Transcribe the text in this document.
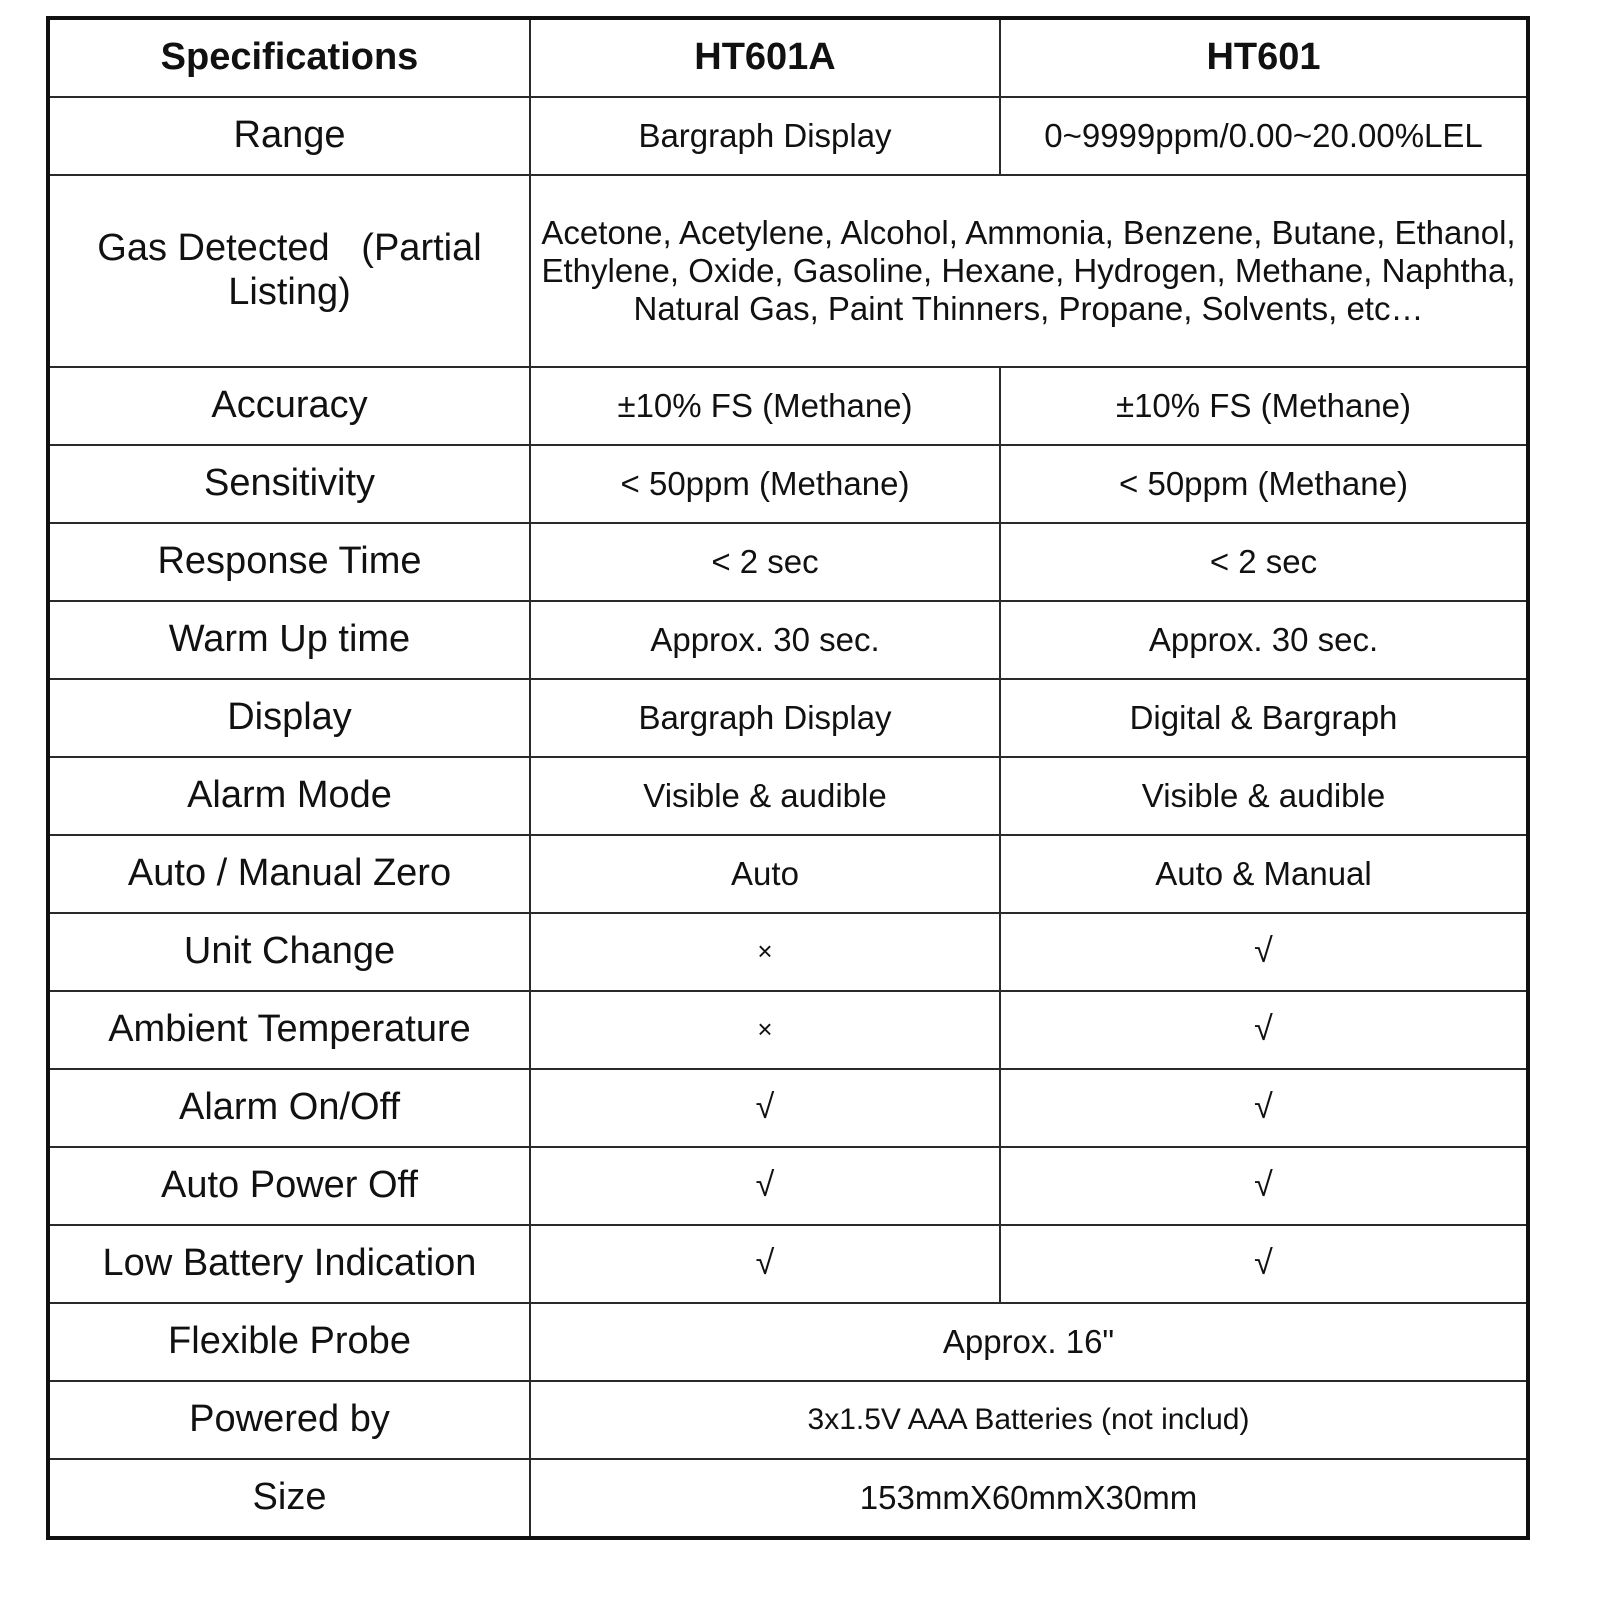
Specifications	HT601A	HT601
Range	Bargraph Display	0~9999ppm/0.00~20.00%LEL
Gas Detected   (Partial Listing)	Acetone, Acetylene, Alcohol, Ammonia, Benzene, Butane, Ethanol, Ethylene, Oxide, Gasoline, Hexane, Hydrogen, Methane, Naphtha, Natural Gas, Paint Thinners, Propane, Solvents, etc…	
Accuracy	±10% FS (Methane)	±10% FS (Methane)
Sensitivity	< 50ppm (Methane)	< 50ppm (Methane)
Response Time	< 2 sec	< 2 sec
Warm Up time	Approx. 30 sec.	Approx. 30 sec.
Display	Bargraph Display	Digital & Bargraph
Alarm Mode	Visible & audible	Visible & audible
Auto / Manual Zero	Auto	Auto & Manual
Unit Change	×	√
Ambient Temperature	×	√
Alarm On/Off	√	√
Auto Power Off	√	√
Low Battery Indication	√	√
Flexible Probe	Approx. 16"	
Powered by	3x1.5V AAA Batteries (not includ)	
Size	153mmX60mmX30mm	
